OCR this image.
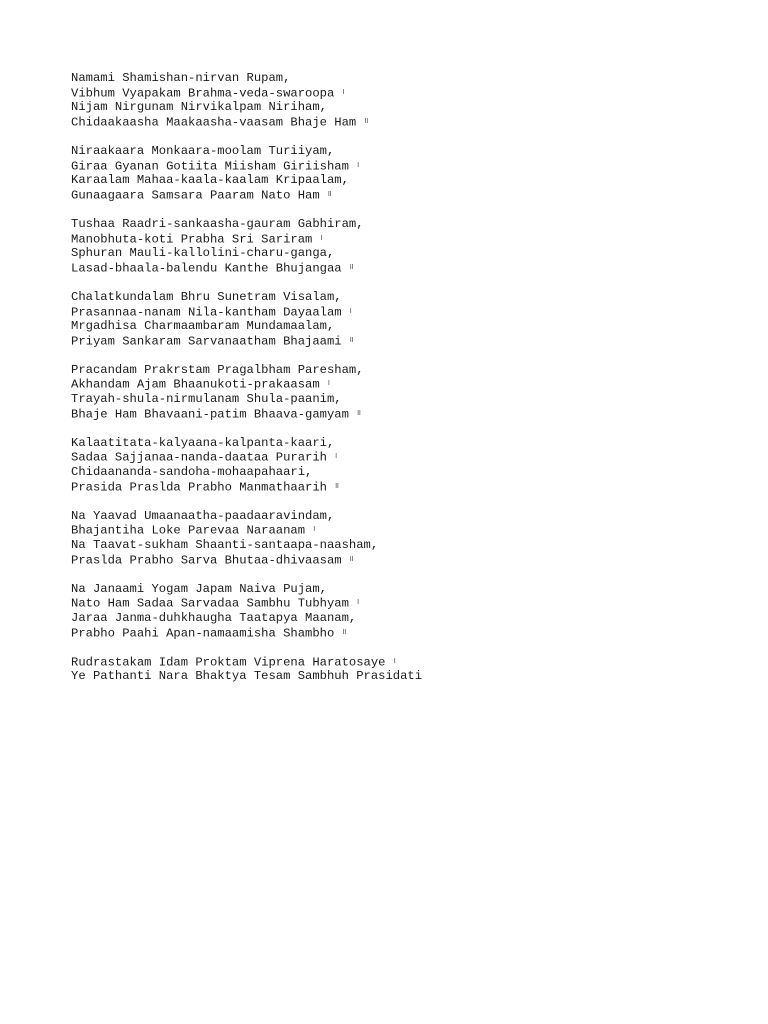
Namami Shamishan-nirvan Rupam,
Vibhum Vyapakam Brahma-veda-swaroopa ।
Nijam Nirgunam Nirvikalpam Niriham,
Chidaakaasha Maakaasha-vaasam Bhaje Ham ॥
Niraakaara Monkaara-moolam Turiiyam,
Giraa Gyanan Gotiita Miisham Giriisham ।
Karaalam Mahaa-kaala-kaalam Kripaalam,
Gunaagaara Samsara Paaram Nato Ham ॥
Tushaa Raadri-sankaasha-gauram Gabhiram,
Manobhuta-koti Prabha Sri Sariram ।
Sphuran Mauli-kallolini-charu-ganga,
Lasad-bhaala-balendu Kanthe Bhujangaa ॥
Chalatkundalam Bhru Sunetram Visalam,
Prasannaa-nanam Nila-kantham Dayaalam ।
Mrgadhisa Charmaambaram Mundamaalam,
Priyam Sankaram Sarvanaatham Bhajaami ॥
Pracandam Prakrstam Pragalbham Paresham,
Akhandam Ajam Bhaanukoti-prakaasam ।
Trayah-shula-nirmulanam Shula-paanim,
Bhaje Ham Bhavaani-patim Bhaava-gamyam ॥
Kalaatitata-kalyaana-kalpanta-kaari,
Sadaa Sajjanaa-nanda-daataa Purarih ।
Chidaananda-sandoha-mohaapahaari,
Prasida Praslda Prabho Manmathaarih ॥
Na Yaavad Umaanaatha-paadaaravindam,
Bhajantiha Loke Parevaa Naraanam ।
Na Taavat-sukham Shaanti-santaapa-naasham,
Praslda Prabho Sarva Bhutaa-dhivaasam ॥
Na Janaami Yogam Japam Naiva Pujam,
Nato Ham Sadaa Sarvadaa Sambhu Tubhyam ।
Jaraa Janma-duhkhaugha Taatapya Maanam,
Prabho Paahi Apan-namaamisha Shambho ॥
Rudrastakam Idam Proktam Viprena Haratosaye ।
Ye Pathanti Nara Bhaktya Tesam Sambhuh Prasidati
